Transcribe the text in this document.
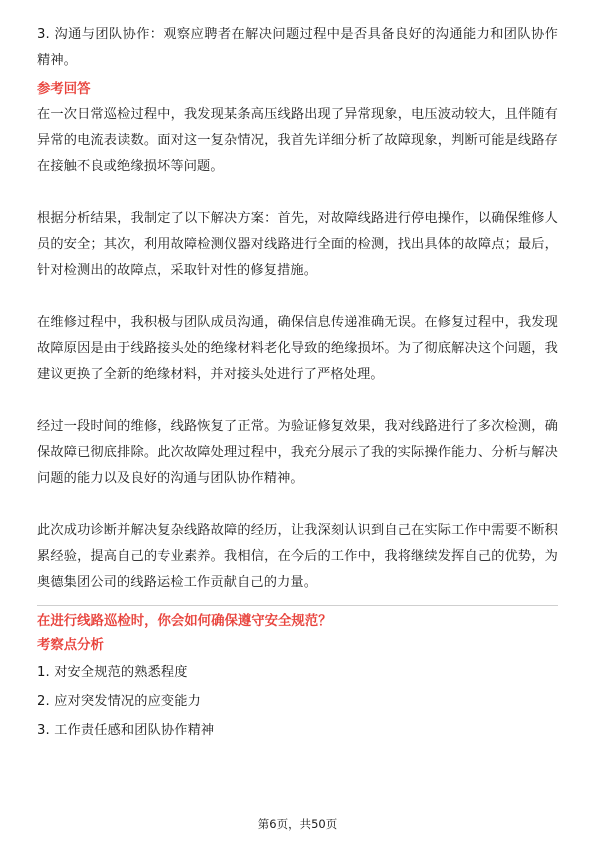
3. 沟通与团队协作：观察应聘者在解决问题过程中是否具备良好的沟通能力和团队协作精神。

参考回答

在一次日常巡检过程中，我发现某条高压线路出现了异常现象，电压波动较大，且伴随有异常的电流表读数。面对这一复杂情况，我首先详细分析了故障现象，判断可能是线路存在接触不良或绝缘损坏等问题。

根据分析结果，我制定了以下解决方案：首先，对故障线路进行停电操作，以确保维修人员的安全；其次，利用故障检测仪器对线路进行全面的检测，找出具体的故障点；最后，针对检测出的故障点，采取针对性的修复措施。

在维修过程中，我积极与团队成员沟通，确保信息传递准确无误。在修复过程中，我发现故障原因是由于线路接头处的绝缘材料老化导致的绝缘损坏。为了彻底解决这个问题，我建议更换了全新的绝缘材料，并对接头处进行了严格处理。

经过一段时间的维修，线路恢复了正常。为验证修复效果，我对线路进行了多次检测，确保故障已彻底排除。此次故障处理过程中，我充分展示了我的实际操作能力、分析与解决问题的能力以及良好的沟通与团队协作精神。

此次成功诊断并解决复杂线路故障的经历，让我深刻认识到自己在实际工作中需要不断积累经验，提高自己的专业素养。我相信，在今后的工作中，我将继续发挥自己的优势，为奥德集团公司的线路运检工作贡献自己的力量。

在进行线路巡检时，你会如何确保遵守安全规范？

考察点分析

1. 对安全规范的熟悉程度

2. 应对突发情况的应变能力

3. 工作责任感和团队协作精神

第6页，共50页
